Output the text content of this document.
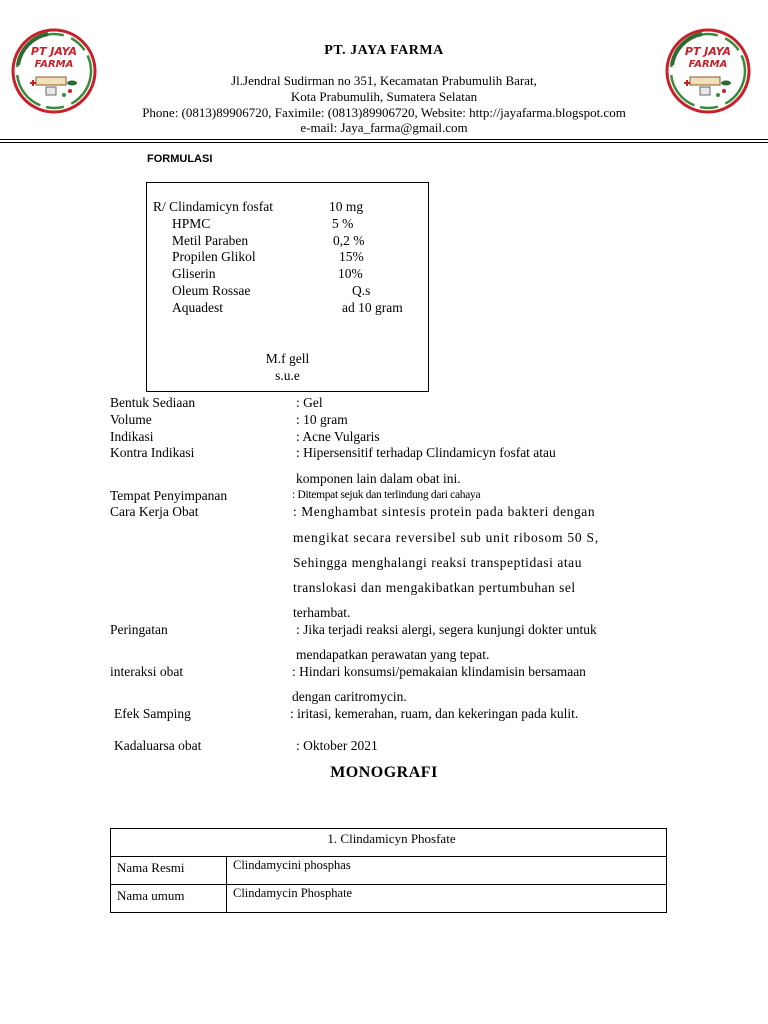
PT JAYA
FARMA
PT JAYA
FARMA
PT. JAYA FARMA
Jl.Jendral Sudirman no 351, Kecamatan Prabumulih Barat,
Kota Prabumulih, Sumatera Selatan
Phone: (0813)89906720, Faximile: (0813)89906720, Website: http://jayafarma.blogspot.com
e-mail: Jaya_farma@gmail.com
FORMULASI
R/ Clindamicyn fosfat	10 mg
HPMC	5 %
Metil Paraben	0,2 %
Propilen Glikol	15%
Gliserin	10%
Oleum Rossae	Q.s
Aquadest	ad 10 gram
M.f gell
s.u.e
Bentuk Sediaan	: Gel
Volume	: 10 gram
Indikasi	: Acne Vulgaris
Kontra Indikasi	: Hipersensitif terhadap Clindamicyn fosfat atau
komponen lain dalam obat ini.
Tempat Penyimpanan	: Ditempat sejuk dan terlindung dari cahaya
Cara Kerja Obat	: Menghambat sintesis protein pada bakteri dengan
mengikat secara reversibel sub unit ribosom 50 S,
Sehingga menghalangi reaksi transpeptidasi atau
translokasi dan mengakibatkan pertumbuhan sel
terhambat.
Peringatan	: Jika terjadi reaksi alergi, segera kunjungi dokter untuk
mendapatkan perawatan yang tepat.
interaksi obat	: Hindari konsumsi/pemakaian klindamisin bersamaan
dengan caritromycin.
Efek Samping	: iritasi, kemerahan, ruam, dan kekeringan pada kulit.
Kadaluarsa obat	: Oktober 2021
MONOGRAFI
1. Clindamicyn Phosfate	
Nama Resmi	Clindamycini phosphas
Nama umum	Clindamycin Phosphate
